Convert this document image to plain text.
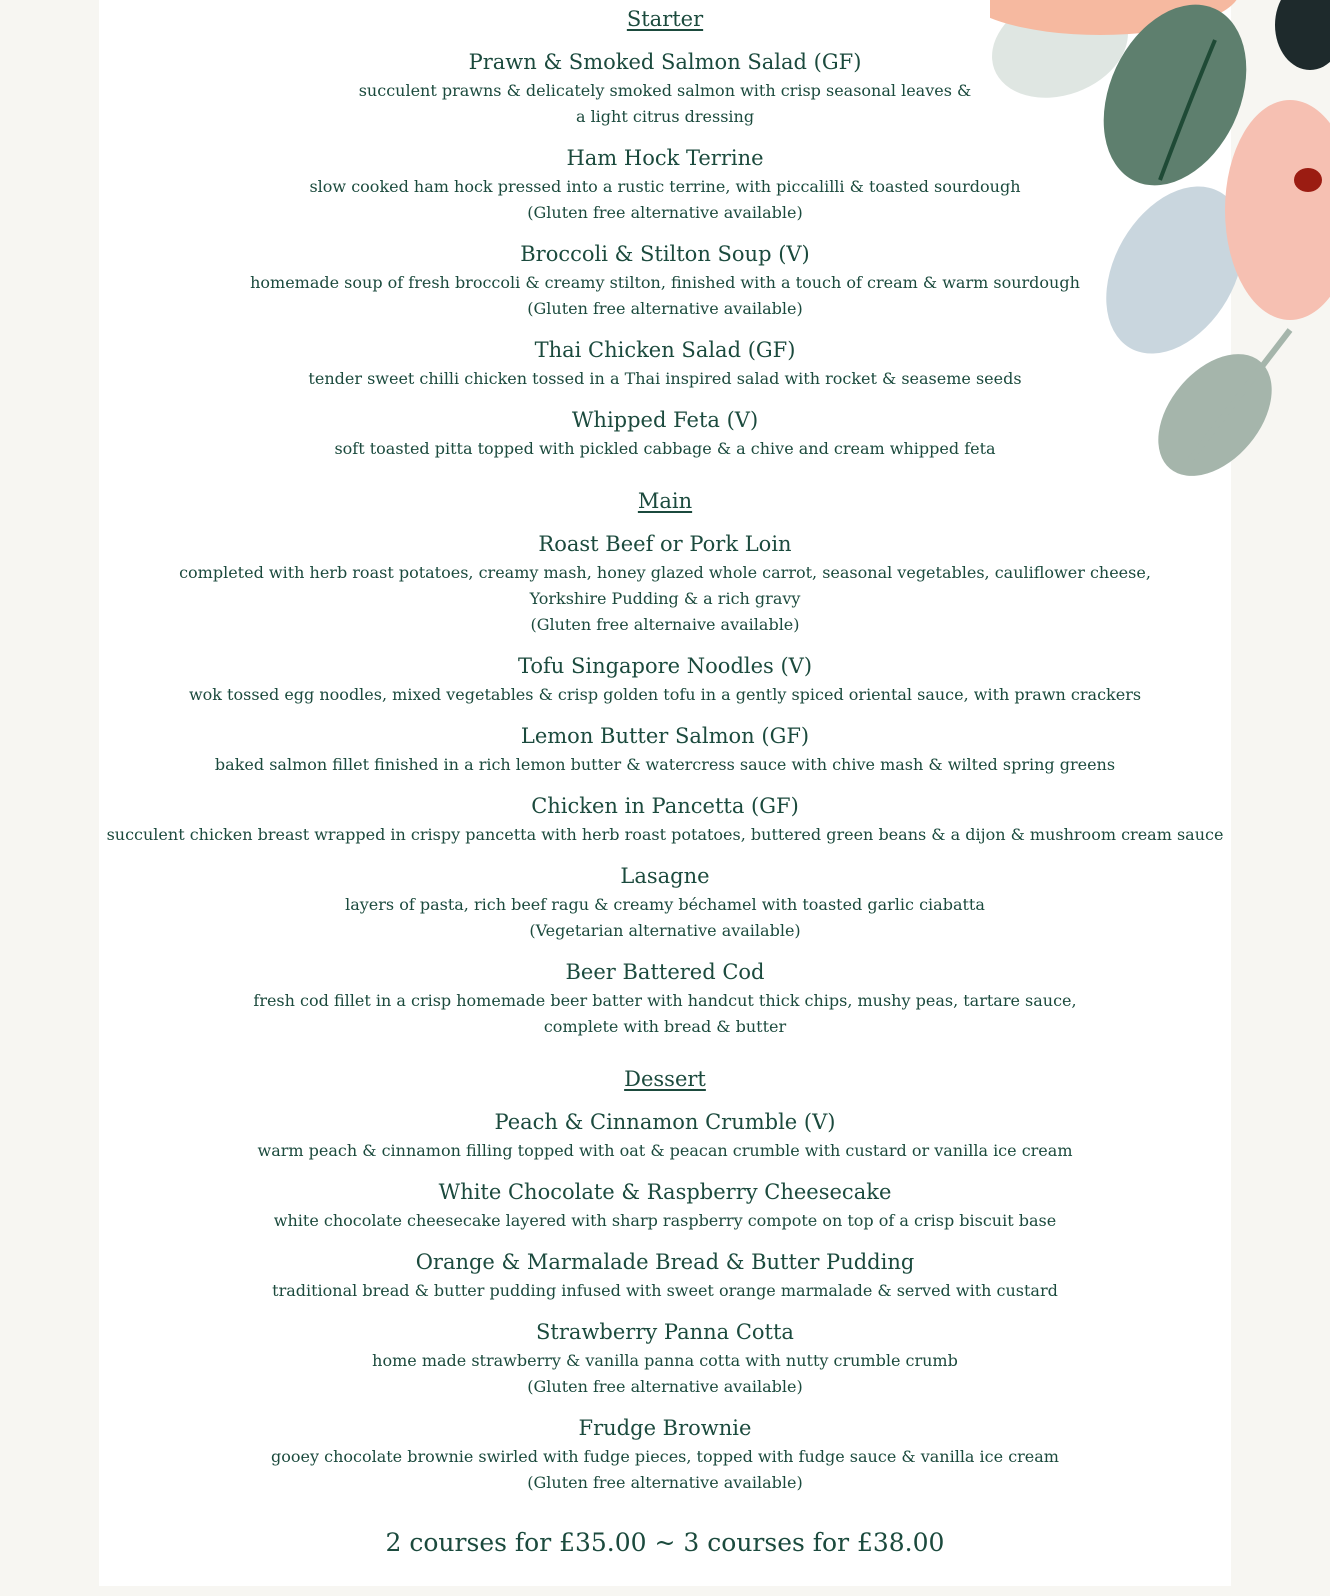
Starter
Prawn & Smoked Salmon Salad (GF)
succulent prawns & delicately smoked salmon with crisp seasonal leaves &
a light citrus dressing
Ham Hock Terrine
slow cooked ham hock pressed into a rustic terrine, with piccalilli & toasted sourdough
(Gluten free alternative available)
Broccoli & Stilton Soup (V)
homemade soup of fresh broccoli & creamy stilton, finished with a touch of cream & warm sourdough
(Gluten free alternative available)
Thai Chicken Salad (GF)
tender sweet chilli chicken tossed in a Thai inspired salad with rocket & seaseme seeds
Whipped Feta (V)
soft toasted pitta topped with pickled cabbage & a chive and cream whipped feta
Main
Roast Beef or Pork Loin
completed with herb roast potatoes, creamy mash, honey glazed whole carrot, seasonal vegetables, cauliflower cheese,
Yorkshire Pudding & a rich gravy
(Gluten free alternaive available)
Tofu Singapore Noodles (V)
wok tossed egg noodles, mixed vegetables & crisp golden tofu in a gently spiced oriental sauce, with prawn crackers
Lemon Butter Salmon (GF)
baked salmon fillet finished in a rich lemon butter & watercress sauce with chive mash & wilted spring greens
Chicken in Pancetta (GF)
succulent chicken breast wrapped in crispy pancetta with herb roast potatoes, buttered green beans & a dijon & mushroom cream sauce
Lasagne
layers of pasta, rich beef ragu & creamy béchamel with toasted garlic ciabatta
(Vegetarian alternative available)
Beer Battered Cod
fresh cod fillet in a crisp homemade beer batter with handcut thick chips, mushy peas, tartare sauce,
complete with bread & butter
Dessert
Peach & Cinnamon Crumble (V)
warm peach & cinnamon filling topped with oat & peacan crumble with custard or vanilla ice cream
White Chocolate & Raspberry Cheesecake
white chocolate cheesecake layered with sharp raspberry compote on top of a crisp biscuit base
Orange & Marmalade Bread & Butter Pudding
traditional bread & butter pudding infused with sweet orange marmalade & served with custard
Strawberry Panna Cotta
home made strawberry & vanilla panna cotta with nutty crumble crumb
(Gluten free alternative available)
Frudge Brownie
gooey chocolate brownie swirled with fudge pieces, topped with fudge sauce & vanilla ice cream
(Gluten free alternative available)
2 courses for £35.00 ~ 3 courses for £38.00
